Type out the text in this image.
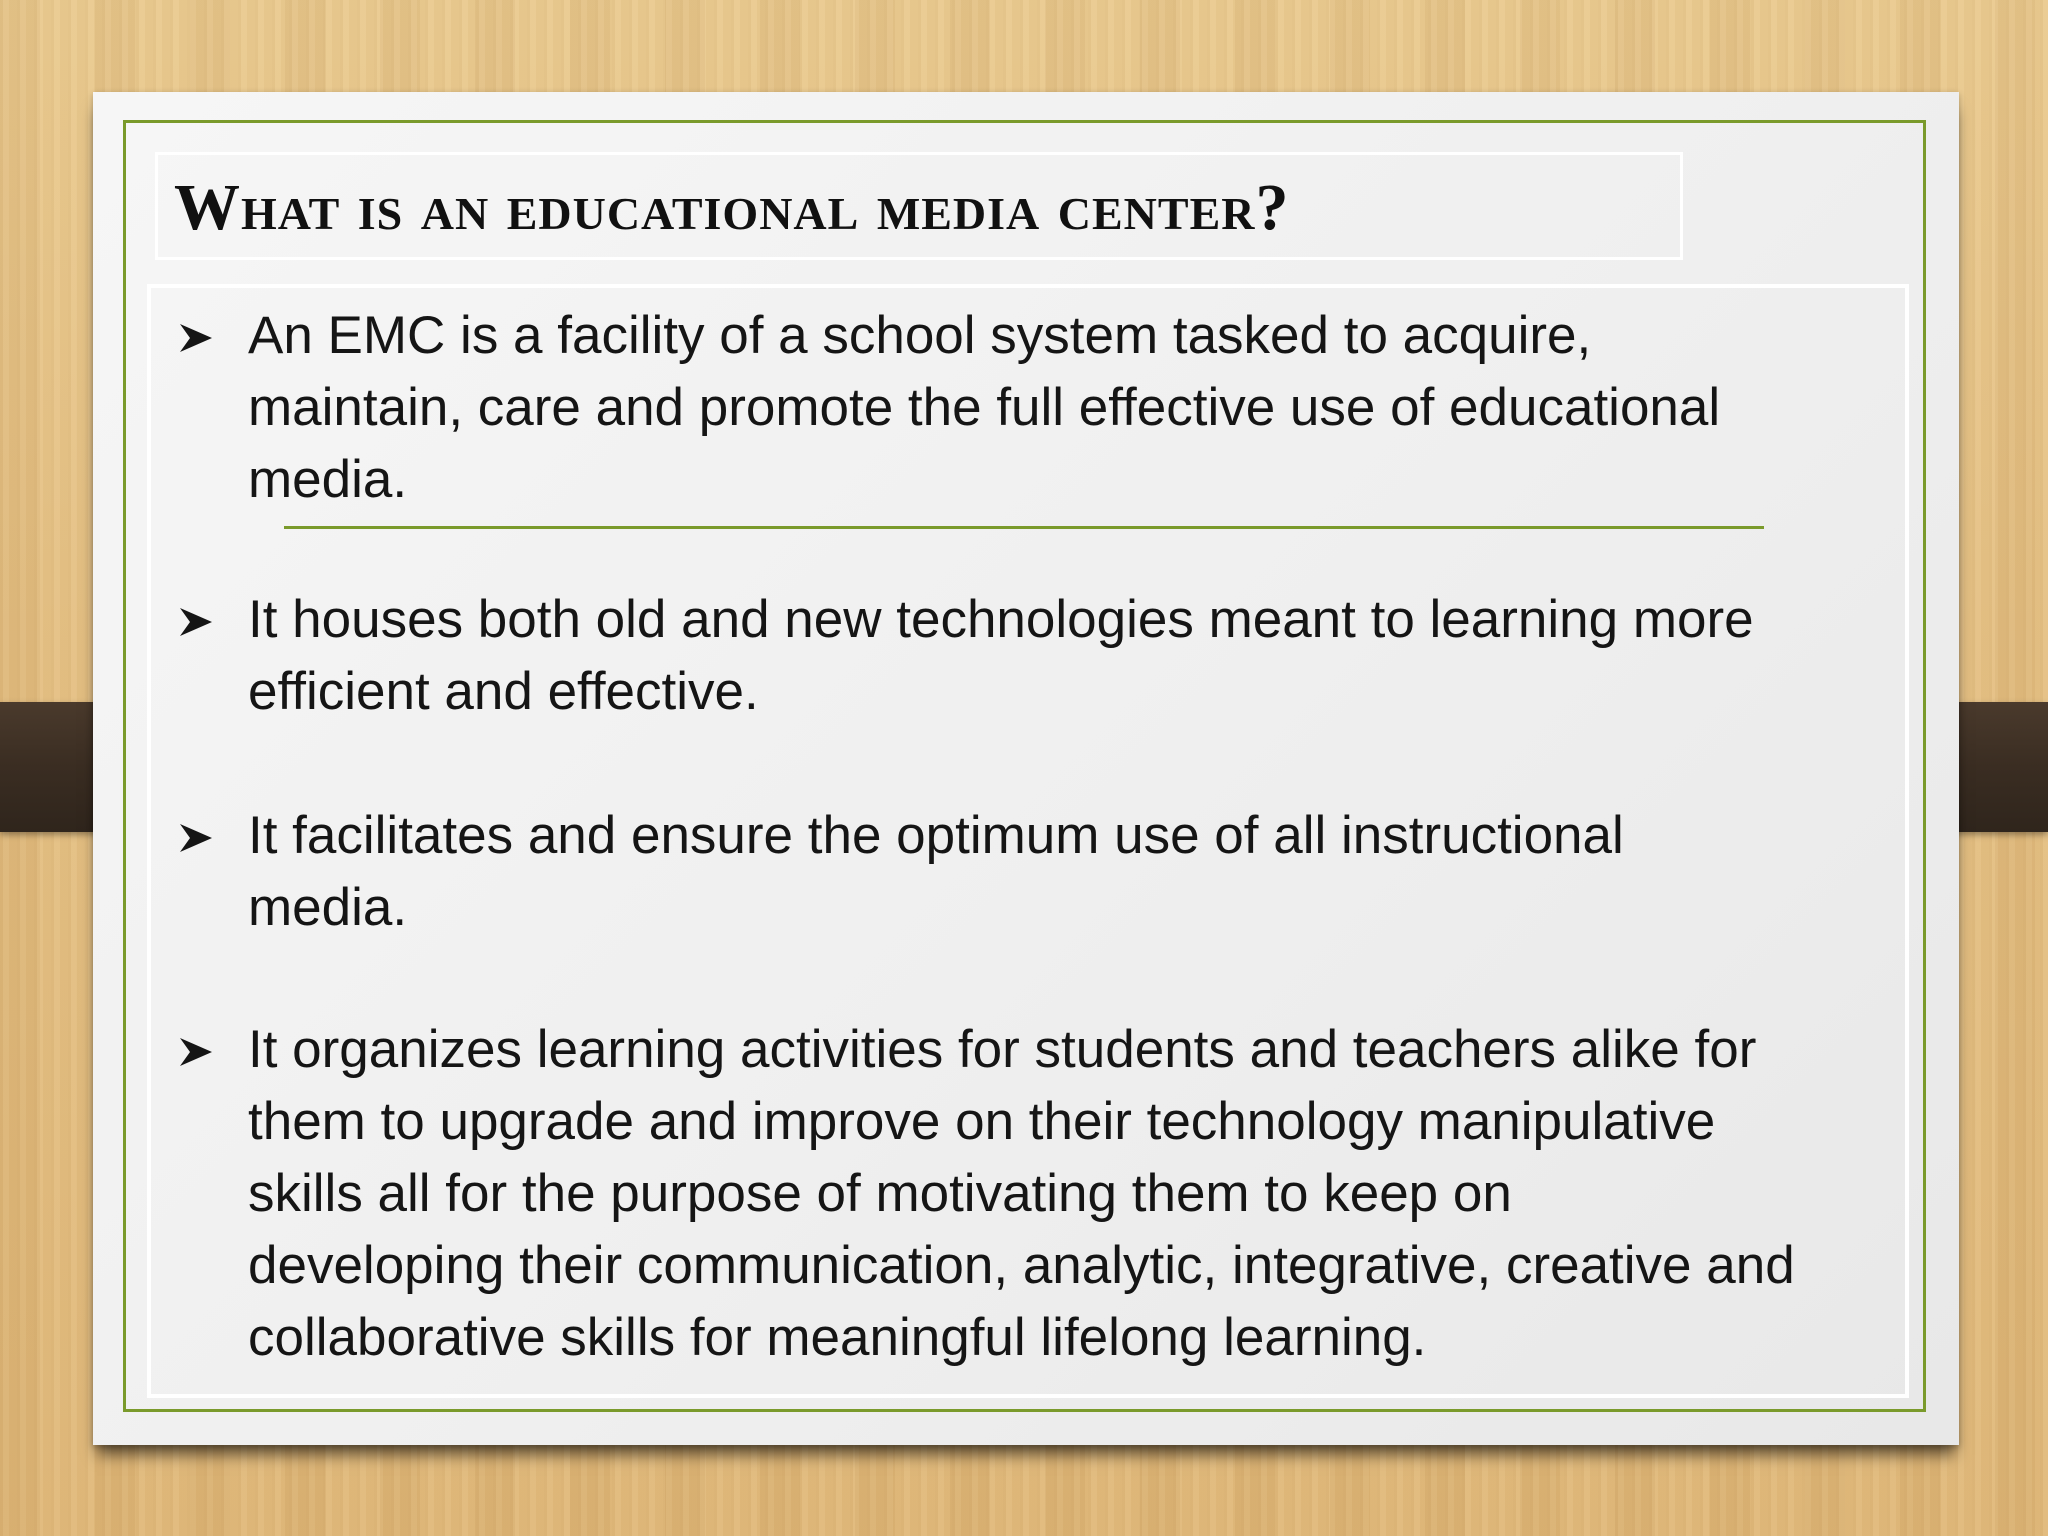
What is an educational media center?

An EMC is a facility of a school system tasked to acquire,
maintain, care and promote the full effective use of educational
media.

It houses both old and new technologies meant to learning more
efficient and effective.

It facilitates and ensure the optimum use of all instructional
media.

It organizes learning activities for students and teachers alike for
them to upgrade and improve on their technology manipulative
skills all for the purpose of motivating them to keep on
developing their communication, analytic, integrative, creative and
collaborative skills for meaningful lifelong learning.
